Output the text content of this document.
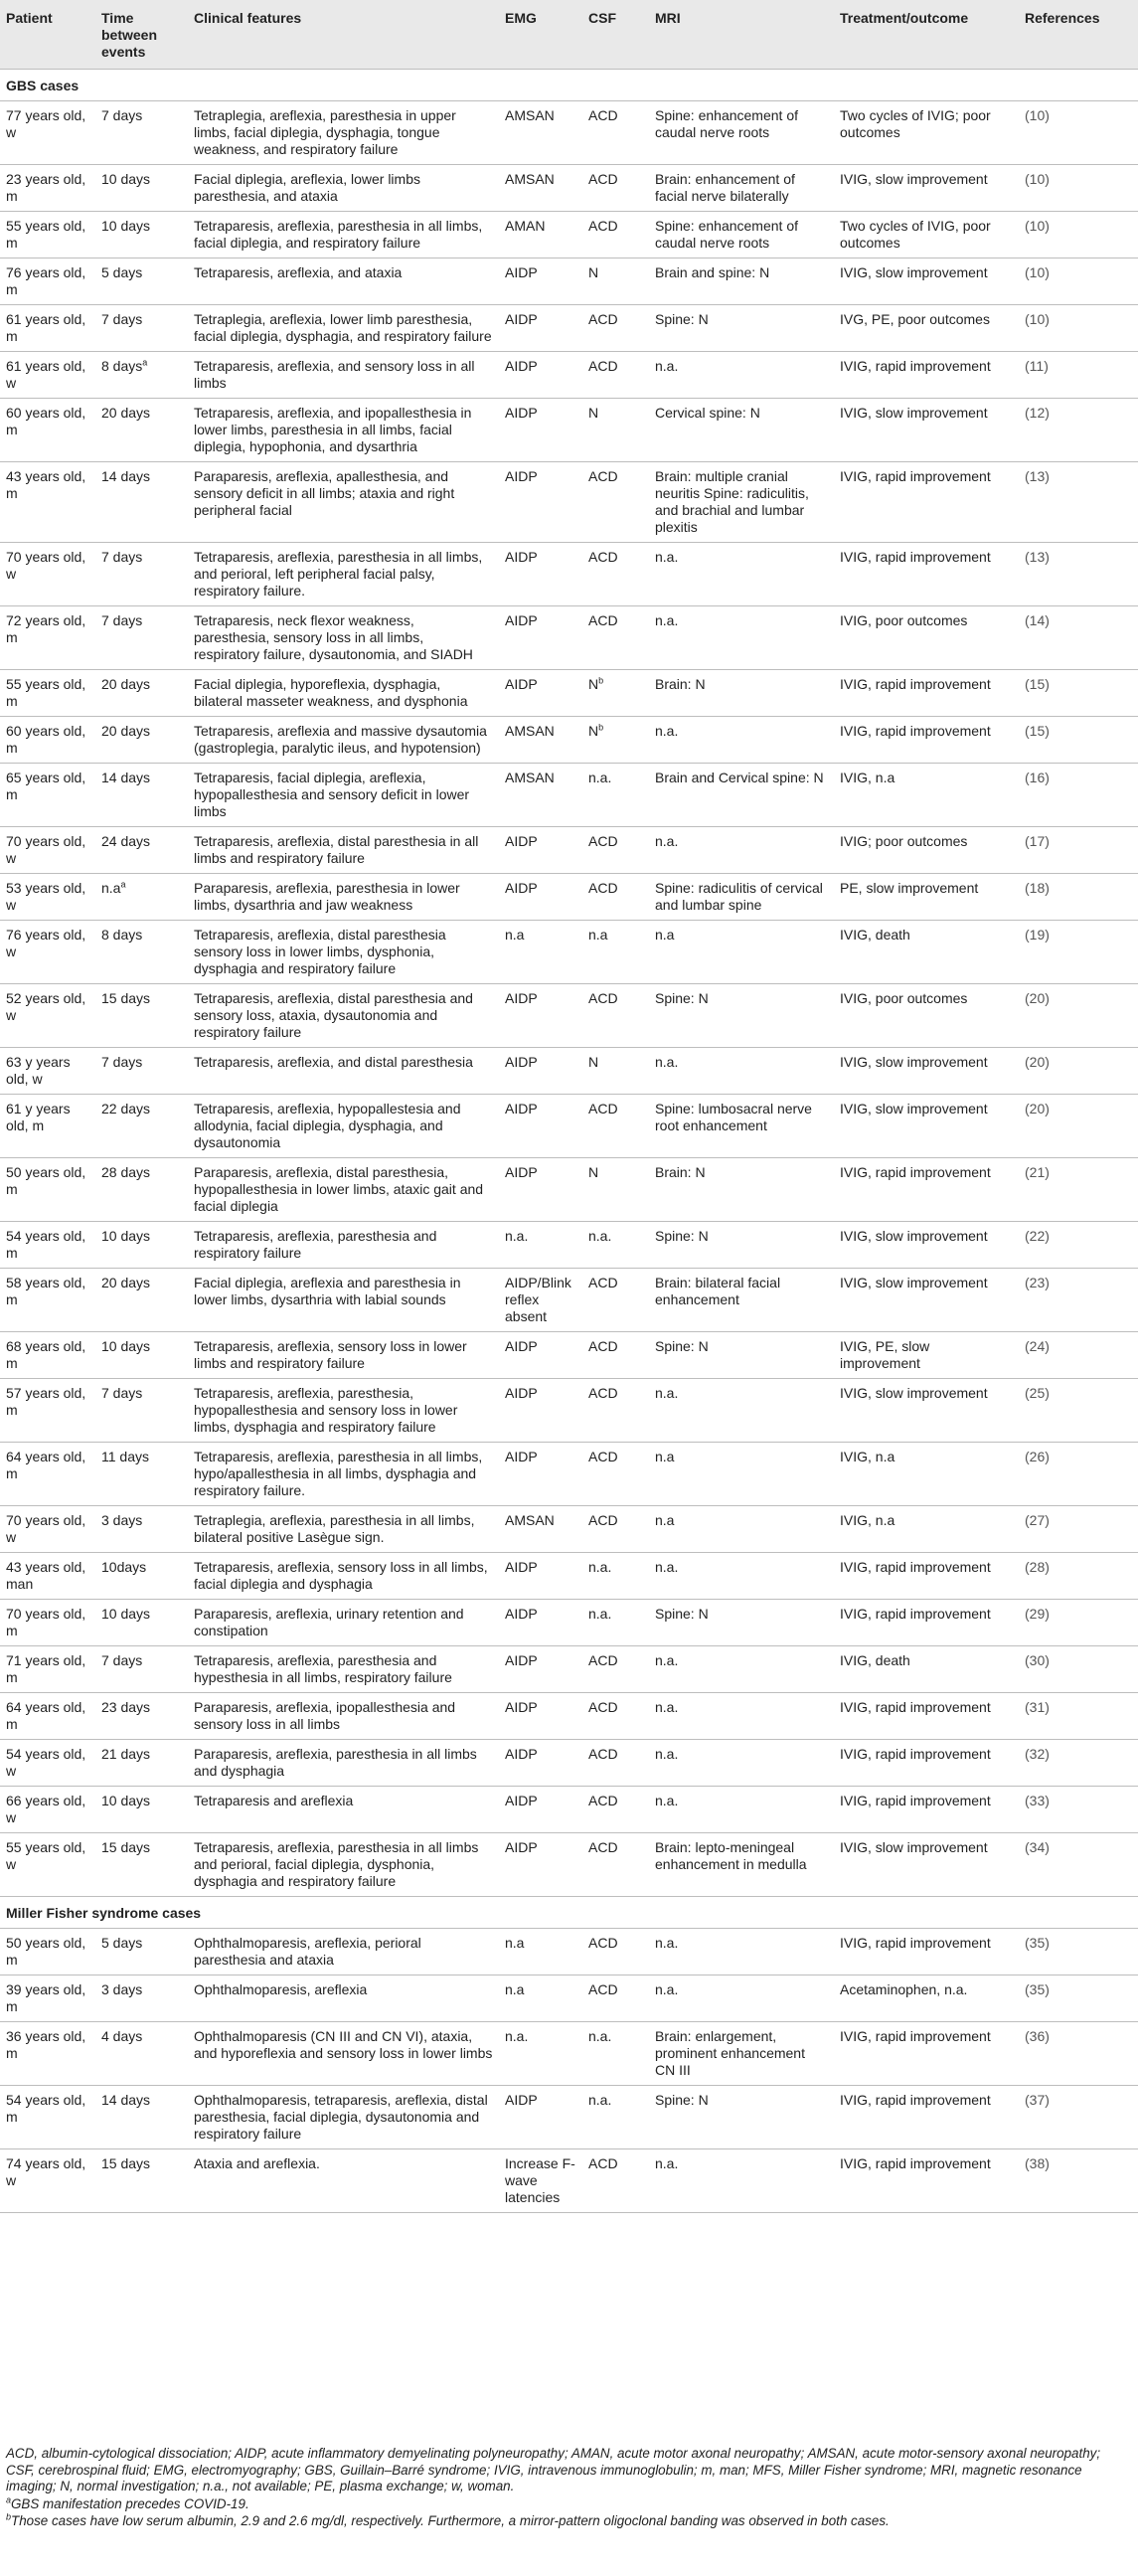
Patient	Time between events	Clinical features	EMG	CSF	MRI	Treatment/outcome	References
GBS cases							
77 years old, w	7 days	Tetraplegia, areflexia, paresthesia in upper limbs, facial diplegia, dysphagia, tongue weakness, and respiratory failure	AMSAN	ACD	Spine: enhancement of caudal nerve roots	Two cycles of IVIG; poor outcomes	(10)
23 years old, m	10 days	Facial diplegia, areflexia, lower limbs paresthesia, and ataxia	AMSAN	ACD	Brain: enhancement of facial nerve bilaterally	IVIG, slow improvement	(10)
55 years old, m	10 days	Tetraparesis, areflexia, paresthesia in all limbs, facial diplegia, and respiratory failure	AMAN	ACD	Spine: enhancement of caudal nerve roots	Two cycles of IVIG, poor outcomes	(10)
76 years old, m	5 days	Tetraparesis, areflexia, and ataxia	AIDP	N	Brain and spine: N	IVIG, slow improvement	(10)
61 years old, m	7 days	Tetraplegia, areflexia, lower limb paresthesia, facial diplegia, dysphagia, and respiratory failure	AIDP	ACD	Spine: N	IVG, PE, poor outcomes	(10)
61 years old, w	8 days$^a$	Tetraparesis, areflexia, and sensory loss in all limbs	AIDP	ACD	n.a.	IVIG, rapid improvement	(11)
60 years old, m	20 days	Tetraparesis, areflexia, and ipopallesthesia in lower limbs, paresthesia in all limbs, facial diplegia, hypophonia, and dysarthria	AIDP	N	Cervical spine: N	IVIG, slow improvement	(12)
43 years old, m	14 days	Paraparesis, areflexia, apallesthesia, and sensory deficit in all limbs; ataxia and right peripheral facial	AIDP	ACD	Brain: multiple cranial neuritis Spine: radiculitis, and brachial and lumbar plexitis	IVIG, rapid improvement	(13)
70 years old, w	7 days	Tetraparesis, areflexia, paresthesia in all limbs, and perioral, left peripheral facial palsy, respiratory failure.	AIDP	ACD	n.a.	IVIG, rapid improvement	(13)
72 years old, m	7 days	Tetraparesis, neck flexor weakness, paresthesia, sensory loss in all limbs, respiratory failure, dysautonomia, and SIADH	AIDP	ACD	n.a.	IVIG, poor outcomes	(14)
55 years old, m	20 days	Facial diplegia, hyporeflexia, dysphagia, bilateral masseter weakness, and dysphonia	AIDP	$N^b$	Brain: N	IVIG, rapid improvement	(15)
60 years old, m	20 days	Tetraparesis, areflexia and massive dysautomia (gastroplegia, paralytic ileus, and hypotension)	AMSAN	$N^b$	n.a.	IVIG, rapid improvement	(15)
65 years old, m	14 days	Tetraparesis, facial diplegia, areflexia, hypopallesthesia and sensory deficit in lower limbs	AMSAN	n.a.	Brain and Cervical spine: N	IVIG, n.a	(16)
70 years old, w	24 days	Tetraparesis, areflexia, distal paresthesia in all limbs and respiratory failure	AIDP	ACD	n.a.	IVIG; poor outcomes	(17)
53 years old, w	$n.a^a$	Paraparesis, areflexia, paresthesia in lower limbs, dysarthria and jaw weakness	AIDP	ACD	Spine: radiculitis of cervical and lumbar spine	PE, slow improvement	(18)
76 years old, w	8 days	Tetraparesis, areflexia, distal paresthesia sensory loss in lower limbs, dysphonia, dysphagia and respiratory failure	n.a	n.a	n.a	IVIG, death	(19)
52 years old, w	15 days	Tetraparesis, areflexia, distal paresthesia and sensory loss, ataxia, dysautonomia and respiratory failure	AIDP	ACD	Spine: N	IVIG, poor outcomes	(20)
63 y years old, w	7 days	Tetraparesis, areflexia, and distal paresthesia	AIDP	N	n.a.	IVIG, slow improvement	(20)
61 y years old, m	22 days	Tetraparesis, areflexia, hypopallestesia and allodynia, facial diplegia, dysphagia, and dysautonomia	AIDP	ACD	Spine: lumbosacral nerve root enhancement	IVIG, slow improvement	(20)
50 years old, m	28 days	Paraparesis, areflexia, distal paresthesia, hypopallesthesia in lower limbs, ataxic gait and facial diplegia	AIDP	N	Brain: N	IVIG, rapid improvement	(21)
54 years old, m	10 days	Tetraparesis, areflexia, paresthesia and respiratory failure	n.a.	n.a.	Spine: N	IVIG, slow improvement	(22)
58 years old, m	20 days	Facial diplegia, areflexia and paresthesia in lower limbs, dysarthria with labial sounds	AIDP/Blink reflex absent	ACD	Brain: bilateral facial enhancement	IVIG, slow improvement	(23)
68 years old, m	10 days	Tetraparesis, areflexia, sensory loss in lower limbs and respiratory failure	AIDP	ACD	Spine: N	IVIG, PE, slow improvement	(24)
57 years old, m	7 days	Tetraparesis, areflexia, paresthesia, hypopallesthesia and sensory loss in lower limbs, dysphagia and respiratory failure	AIDP	ACD	n.a.	IVIG, slow improvement	(25)
64 years old, m	11 days	Tetraparesis, areflexia, paresthesia in all limbs, hypo/apallesthesia in all limbs, dysphagia and respiratory failure.	AIDP	ACD	n.a	IVIG, n.a	(26)
70 years old, w	3 days	Tetraplegia, areflexia, paresthesia in all limbs, bilateral positive Lasègue sign.	AMSAN	ACD	n.a	IVIG, n.a	(27)
43 years old, man	10days	Tetraparesis, areflexia, sensory loss in all limbs, facial diplegia and dysphagia	AIDP	n.a.	n.a.	IVIG, rapid improvement	(28)
70 years old, m	10 days	Paraparesis, areflexia, urinary retention and constipation	AIDP	n.a.	Spine: N	IVIG, rapid improvement	(29)
71 years old, m	7 days	Tetraparesis, areflexia, paresthesia and hypesthesia in all limbs, respiratory failure	AIDP	ACD	n.a.	IVIG, death	(30)
64 years old, m	23 days	Paraparesis, areflexia, ipopallesthesia and sensory loss in all limbs	AIDP	ACD	n.a.	IVIG, rapid improvement	(31)
54 years old, w	21 days	Paraparesis, areflexia, paresthesia in all limbs and dysphagia	AIDP	ACD	n.a.	IVIG, rapid improvement	(32)
66 years old, w	10 days	Tetraparesis and areflexia	AIDP	ACD	n.a.	IVIG, rapid improvement	(33)
55 years old, w	15 days	Tetraparesis, areflexia, paresthesia in all limbs and perioral, facial diplegia, dysphonia, dysphagia and respiratory failure	AIDP	ACD	Brain: lepto-meningeal enhancement in medulla	IVIG, slow improvement	(34)
Miller Fisher syndrome cases							
50 years old, m	5 days	Ophthalmoparesis, areflexia, perioral paresthesia and ataxia	n.a	ACD	n.a.	IVIG, rapid improvement	(35)
39 years old, m	3 days	Ophthalmoparesis, areflexia	n.a	ACD	n.a.	Acetaminophen, n.a.	(35)
36 years old, m	4 days	Ophthalmoparesis (CN III and CN VI), ataxia, and hyporeflexia and sensory loss in lower limbs	n.a.	n.a.	Brain: enlargement, prominent enhancement CN III	IVIG, rapid improvement	(36)
54 years old, m	14 days	Ophthalmoparesis, tetraparesis, areflexia, distal paresthesia, facial diplegia, dysautonomia and respiratory failure	AIDP	n.a.	Spine: N	IVIG, rapid improvement	(37)
74 years old, w	15 days	Ataxia and areflexia.	Increase F-wave latencies	ACD	n.a.	IVIG, rapid improvement	(38)
ACD, albumin-cytological dissociation; AIDP, acute inflammatory demyelinating polyneuropathy; AMAN, acute motor axonal neuropathy; AMSAN, acute motor-sensory axonal neuropathy; CSF, cerebrospinal fluid; EMG, electromyography; GBS, Guillain–Barré syndrome; IVIG, intravenous immunoglobulin; m, man; MFS, Miller Fisher syndrome; MRI, magnetic resonance imaging; N, normal investigation; n.a., not available; PE, plasma exchange; w, woman.
$^a$GBS manifestation precedes COVID-19.
$^b$Those cases have low serum albumin, 2.9 and 2.6 mg/dl, respectively. Furthermore, a mirror-pattern oligoclonal banding was observed in both cases.
